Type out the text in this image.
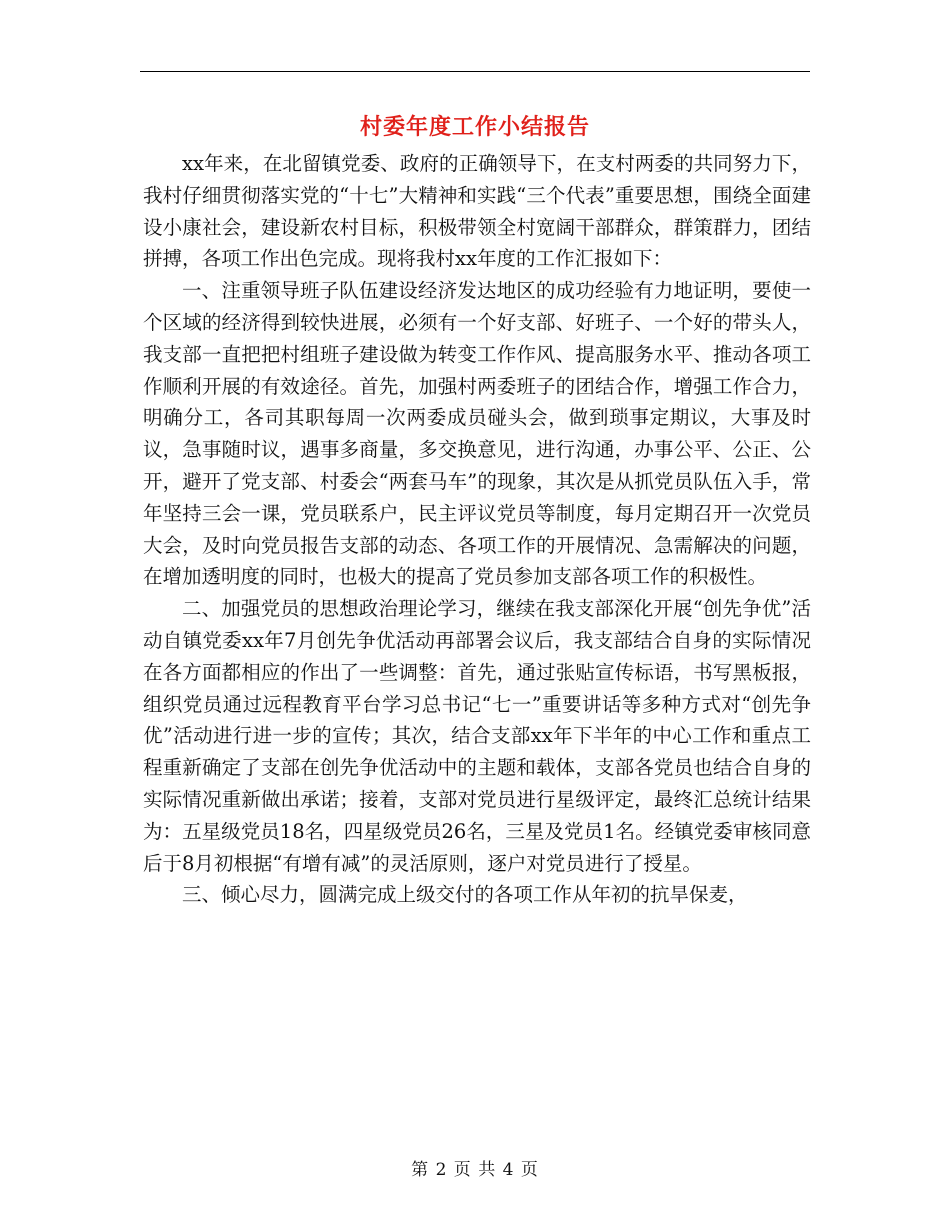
村委年度工作小结报告

xx年来，在北留镇党委、政府的正确领导下，在支村两委的共同努力下，我村仔细贯彻落实党的“十七”大精神和实践“三个代表”重要思想，围绕全面建设小康社会，建设新农村目标，积极带领全村宽阔干部群众，群策群力，团结拼搏，各项工作出色完成。现将我村xx年度的工作汇报如下：

一、注重领导班子队伍建设经济发达地区的成功经验有力地证明，要使一个区域的经济得到较快进展，必须有一个好支部、好班子、一个好的带头人，我支部一直把把村组班子建设做为转变工作作风、提高服务水平、推动各项工作顺利开展的有效途径。首先，加强村两委班子的团结合作，增强工作合力，明确分工，各司其职每周一次两委成员碰头会，做到琐事定期议，大事及时议，急事随时议，遇事多商量，多交换意见，进行沟通，办事公平、公正、公开，避开了党支部、村委会“两套马车”的现象，其次是从抓党员队伍入手，常年坚持三会一课，党员联系户，民主评议党员等制度，每月定期召开一次党员大会，及时向党员报告支部的动态、各项工作的开展情况、急需解决的问题，在增加透明度的同时，也极大的提高了党员参加支部各项工作的积极性。

二、加强党员的思想政治理论学习，继续在我支部深化开展“创先争优”活动自镇党委xx年7月创先争优活动再部署会议后，我支部结合自身的实际情况在各方面都相应的作出了一些调整：首先，通过张贴宣传标语，书写黑板报，组织党员通过远程教育平台学习总书记“七一”重要讲话等多种方式对“创先争优”活动进行进一步的宣传；其次，结合支部xx年下半年的中心工作和重点工程重新确定了支部在创先争优活动中的主题和载体，支部各党员也结合自身的实际情况重新做出承诺；接着，支部对党员进行星级评定，最终汇总统计结果为：五星级党员18名，四星级党员26名，三星及党员1名。经镇党委审核同意后于8月初根据“有增有减”的灵活原则，逐户对党员进行了授星。

三、倾心尽力，圆满完成上级交付的各项工作从年初的抗旱保麦，

第 2 页 共 4 页
